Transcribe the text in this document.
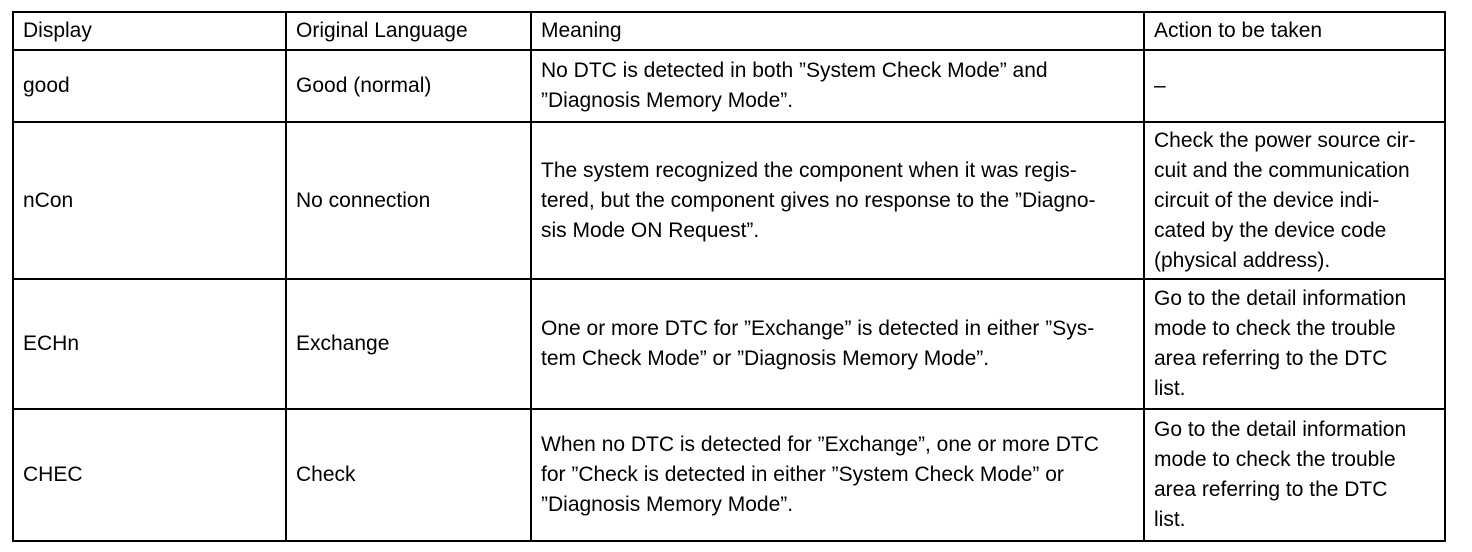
Display	Original Language	Meaning	Action to be taken

good	Good (normal)	No DTC is detected in both ”System Check Mode” and
”Diagnosis Memory Mode”.	–

nCon	No connection	The system recognized the component when it was regis-
tered, but the component gives no response to the ”Diagno-
sis Mode ON Request”.	Check the power source cir-
cuit and the communication
circuit of the device indi-
cated by the device code
(physical address).

ECHn	Exchange	One or more DTC for ”Exchange” is detected in either ”Sys-
tem Check Mode” or ”Diagnosis Memory Mode”.	Go to the detail information
mode to check the trouble
area referring to the DTC
list.

CHEC	Check	When no DTC is detected for ”Exchange”, one or more DTC
for ”Check is detected in either ”System Check Mode” or
”Diagnosis Memory Mode”.	Go to the detail information
mode to check the trouble
area referring to the DTC
list.
